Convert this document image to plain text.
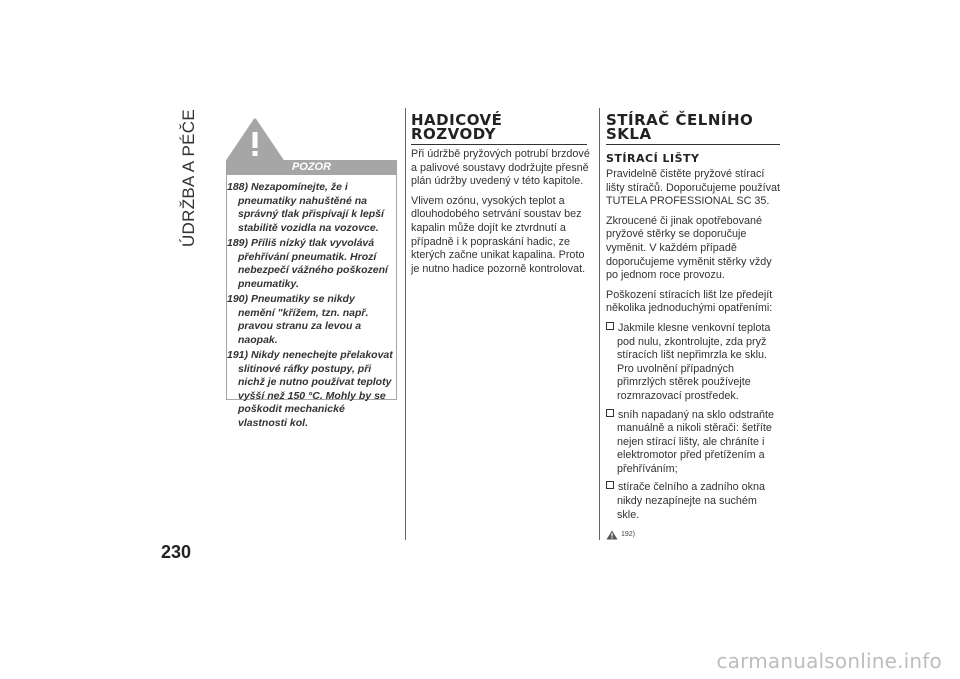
ÚDRŽBA A PÉČE
230
POZOR
188) Nezapomínejte, že i pneumatiky nahuštěné na správný tlak přispívají k lepší stabilitě vozidla na vozovce.
189) Příliš nízký tlak vyvolává přehřívání pneumatik. Hrozí nebezpečí vážného poškození pneumatiky.
190) Pneumatiky se nikdy nemění "křížem, tzn. např. pravou stranu za levou a naopak.
191) Nikdy nenechejte přelakovat slitinové ráfky postupy, při nichž je nutno používat teploty vyšší než 150 °C. Mohly by se poškodit mechanické vlastnosti kol.
HADICOVÉ
ROZVODY

Při údržbě pryžových potrubí brzdové a palivové soustavy dodržujte přesně plán údržby uvedený v této kapitole.

Vlivem ozónu, vysokých teplot a dlouhodobého setrvání soustav bez kapalin může dojít ke ztvrdnutí a případně i k popraskání hadic, ze kterých začne unikat kapalina. Proto je nutno hadice pozorně kontrolovat.

STÍRAČ ČELNÍHO
SKLA
STÍRACÍ LIŠTY

Pravidelně čistěte pryžové stírací lišty stíračů. Doporučujeme používat TUTELA PROFESSIONAL SC 35.

Zkroucené či jinak opotřebované pryžové stěrky se doporučuje vyměnit. V každém případě doporučujeme vyměnit stěrky vždy po jednom roce provozu.

Poškození stíracích lišt lze předejít několika jednoduchými opatřeními:

Jakmile klesne venkovní teplota pod nulu, zkontrolujte, zda pryž stíracích lišt nepřimrzla ke sklu. Pro uvolnění případných přimrzlých stěrek používejte rozmrazovací prostředek.
sníh napadaný na sklo odstraňte manuálně a nikoli stěrači: šetříte nejen stírací lišty, ale chráníte i elektromotor před přetížením a přehříváním;
stírače čelního a zadního okna nikdy nezapínejte na suchém skle.
192)
carmanualsonline.info
